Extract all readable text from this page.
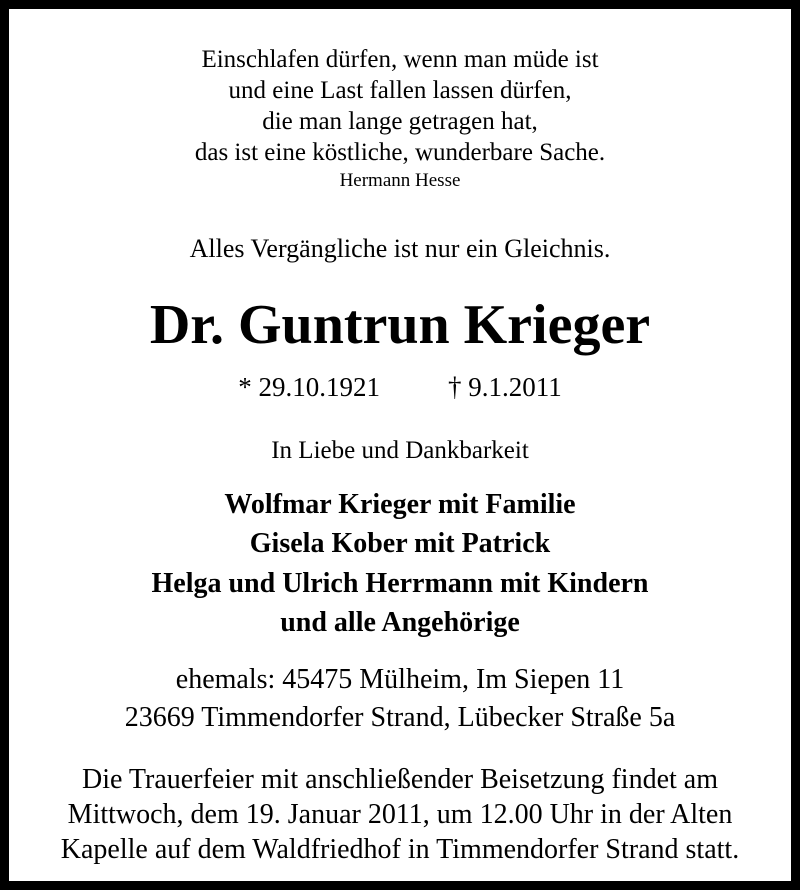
Einschlafen dürfen, wenn man müde ist
und eine Last fallen lassen dürfen,
die man lange getragen hat,
das ist eine köstliche, wunderbare Sache.
Hermann Hesse
Alles Vergängliche ist nur ein Gleichnis.
Dr. Guntrun Krieger
* 29.10.1921	† 9.1.2011
In Liebe und Dankbarkeit
Wolfmar Krieger mit Familie
Gisela Kober mit Patrick
Helga und Ulrich Herrmann mit Kindern
und alle Angehörige
ehemals: 45475 Mülheim, Im Siepen 11
23669 Timmendorfer Strand, Lübecker Straße 5a
Die Trauerfeier mit anschließender Beisetzung findet am
Mittwoch, dem 19. Januar 2011, um 12.00 Uhr in der Alten
Kapelle auf dem Waldfriedhof in Timmendorfer Strand statt.
